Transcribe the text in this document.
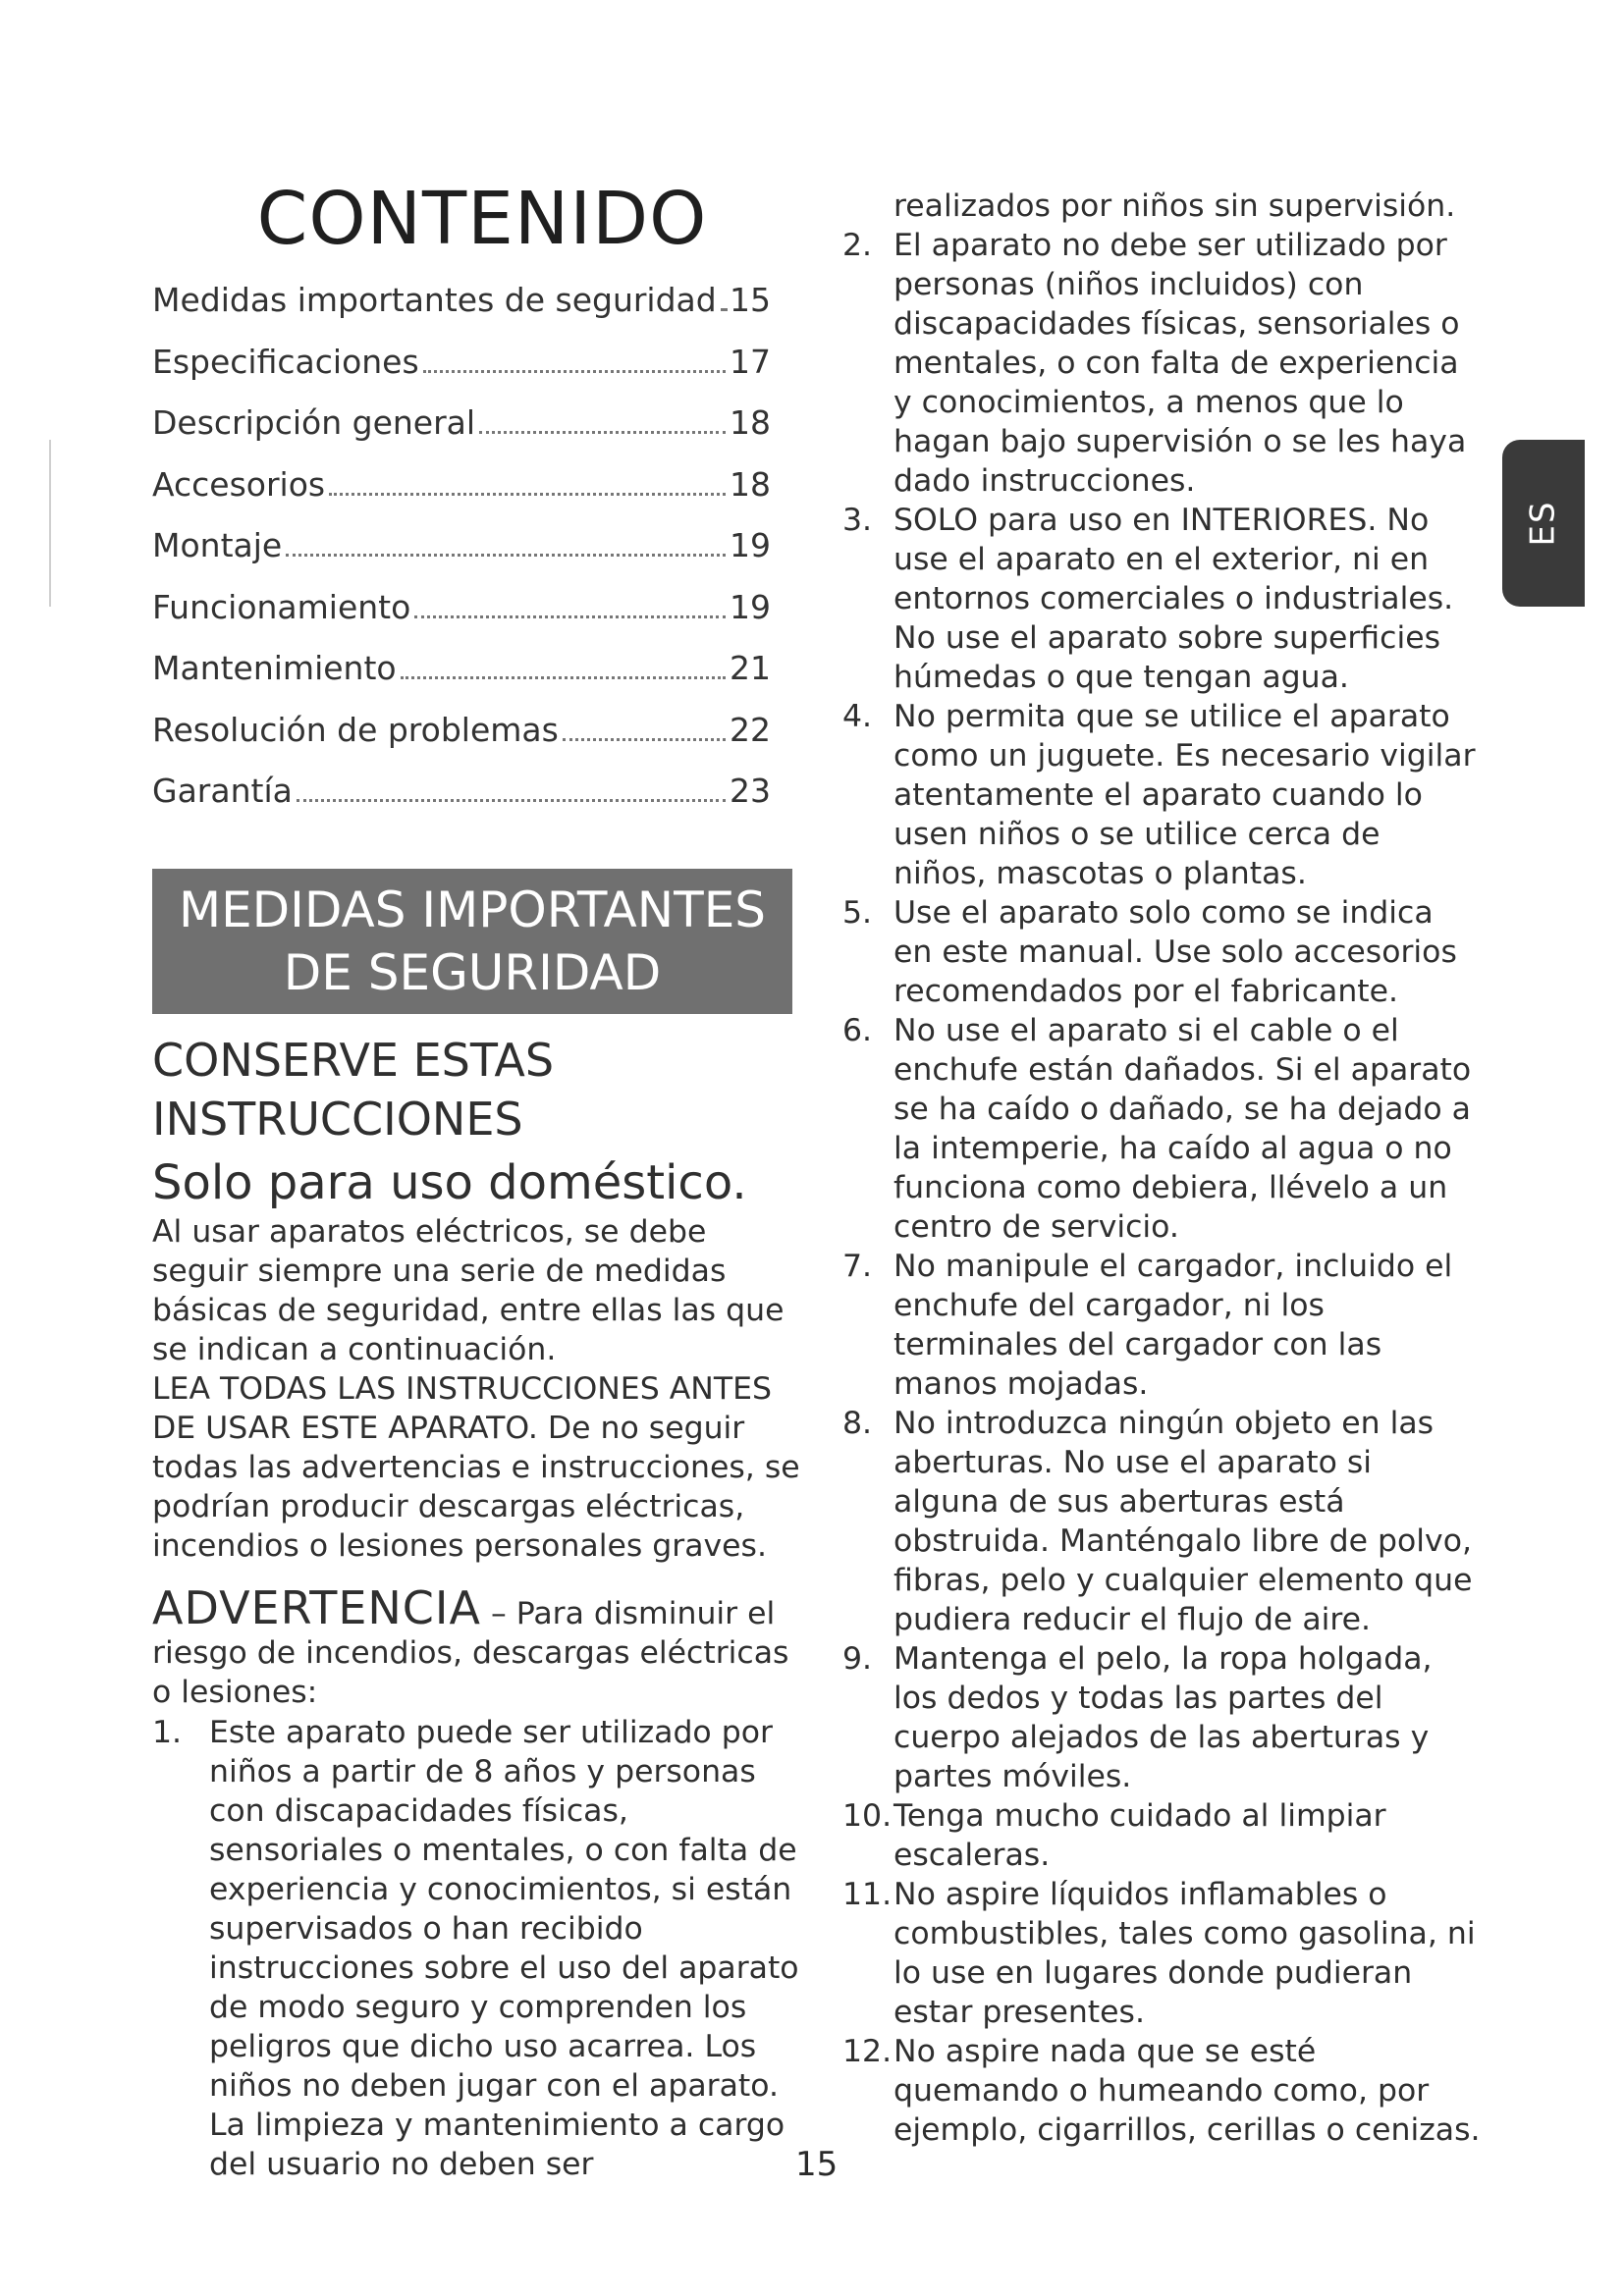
ES
CONTENIDO
Medidas importantes de seguridad 15
Especificaciones	17
Descripción general	18
Accesorios	18
Montaje	19
Funcionamiento	19
Mantenimiento	21
Resolución de problemas	22
Garantía	23
MEDIDAS IMPORTANTES
DE SEGURIDAD
CONSERVE ESTAS
INSTRUCCIONES
Solo para uso doméstico.
Al usar aparatos eléctricos, se debe seguir siempre una serie de medidas básicas de seguridad, entre ellas las que se indican a continuación.
LEA TODAS LAS INSTRUCCIONES ANTES DE USAR ESTE APARATO. De no seguir todas las advertencias e instrucciones, se podrían producir descargas eléctricas, incendios o lesiones personales graves.
ADVERTENCIA – Para disminuir el riesgo de incendios, descargas eléctricas o lesiones:
1. Este aparato puede ser utilizado por niños a partir de 8 años y personas con discapacidades físicas, sensoriales o mentales, o con falta de experiencia y conocimientos, si están supervisados o han recibido instrucciones sobre el uso del aparato de modo seguro y comprenden los peligros que dicho uso acarrea. Los niños no deben jugar con el aparato. La limpieza y mantenimiento a cargo del usuario no deben ser
realizados por niños sin supervisión.
2. El aparato no debe ser utilizado por personas (niños incluidos) con discapacidades físicas, sensoriales o mentales, o con falta de experiencia y conocimientos, a menos que lo hagan bajo supervisión o se les haya dado instrucciones.
3. SOLO para uso en INTERIORES. No use el aparato en el exterior, ni en entornos comerciales o industriales. No use el aparato sobre superficies húmedas o que tengan agua.
4. No permita que se utilice el aparato como un juguete. Es necesario vigilar atentamente el aparato cuando lo usen niños o se utilice cerca de niños, mascotas o plantas.
5. Use el aparato solo como se indica en este manual. Use solo accesorios recomendados por el fabricante.
6. No use el aparato si el cable o el enchufe están dañados. Si el aparato se ha caído o dañado, se ha dejado a la intemperie, ha caído al agua o no funciona como debiera, llévelo a un centro de servicio.
7. No manipule el cargador, incluido el enchufe del cargador, ni los terminales del cargador con las manos mojadas.
8. No introduzca ningún objeto en las aberturas. No use el aparato si alguna de sus aberturas está obstruida. Manténgalo libre de polvo, fibras, pelo y cualquier elemento que pudiera reducir el flujo de aire.
9. Mantenga el pelo, la ropa holgada, los dedos y todas las partes del cuerpo alejados de las aberturas y partes móviles.
10. Tenga mucho cuidado al limpiar escaleras.
11. No aspire líquidos inflamables o combustibles, tales como gasolina, ni lo use en lugares donde pudieran estar presentes.
12. No aspire nada que se esté quemando o humeando como, por ejemplo, cigarrillos, cerillas o cenizas.
15
